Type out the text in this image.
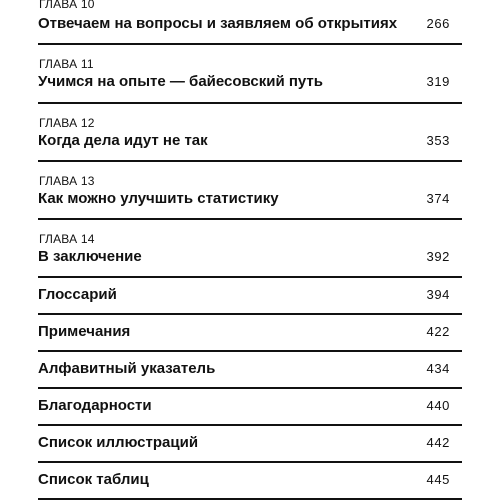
ГЛАВА 10
Отвечаем на вопросы и заявляем об открытиях 266
ГЛАВА 11
Учимся на опыте — байесовский путь	319
ГЛАВА 12
Когда дела идут не так	353
ГЛАВА 13
Как можно улучшить статистику	374
ГЛАВА 14
В заключение	392
Глоссарий	394
Примечания	422
Алфавитный указатель	434
Благодарности	440
Список иллюстраций	442
Список таблиц	445
